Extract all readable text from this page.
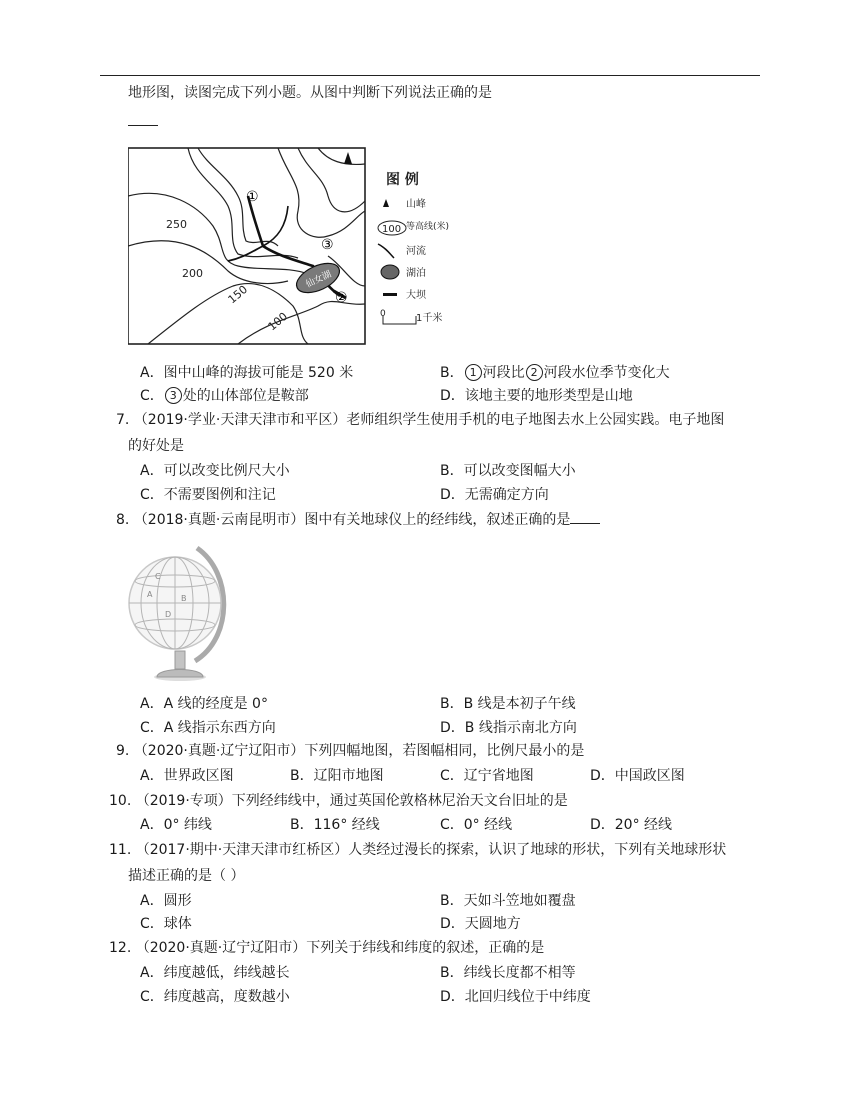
地形图，读图完成下列小题。从图中判断下列说法正确的是
仙女湖
①
②
③
250
200
150
100
图 例
山峰
100 等高线(米)
河流
湖泊
大坝
0	1千米
A．图中山峰的海拔可能是 520 米	B． 1 河段比 2 河段水位季节变化大
C． 3 处的山体部位是鞍部	D．该地主要的地形类型是山地
7. （2019·学业·天津天津市和平区）老师组织学生使用手机的电子地图去水上公园实践。电子地图
的好处是
A．可以改变比例尺大小	B．可以改变图幅大小
C．不需要图例和注记	D．无需确定方向
8. （2018·真题·云南昆明市）图中有关地球仪上的经纬线，叙述正确的是
A	B
C
D
A．A 线的经度是 0°	B．B 线是本初子午线
C．A 线指示东西方向	D．B 线指示南北方向
9. （2020·真题·辽宁辽阳市）下列四幅地图，若图幅相同，比例尺最小的是
A．世界政区图	B．辽阳市地图	C．辽宁省地图	D．中国政区图
10. （2019·专项）下列经纬线中，通过英国伦敦格林尼治天文台旧址的是
A．0° 纬线	B．116° 经线	C．0° 经线	D．20° 经线
11. （2017·期中·天津天津市红桥区）人类经过漫长的探索，认识了地球的形状，下列有关地球形状
描述正确的是（ ）
A．圆形	B．天如斗笠地如覆盘
C．球体	D．天圆地方
12. （2020·真题·辽宁辽阳市）下列关于纬线和纬度的叙述，正确的是
A．纬度越低，纬线越长	B．纬线长度都不相等
C．纬度越高，度数越小	D．北回归线位于中纬度
